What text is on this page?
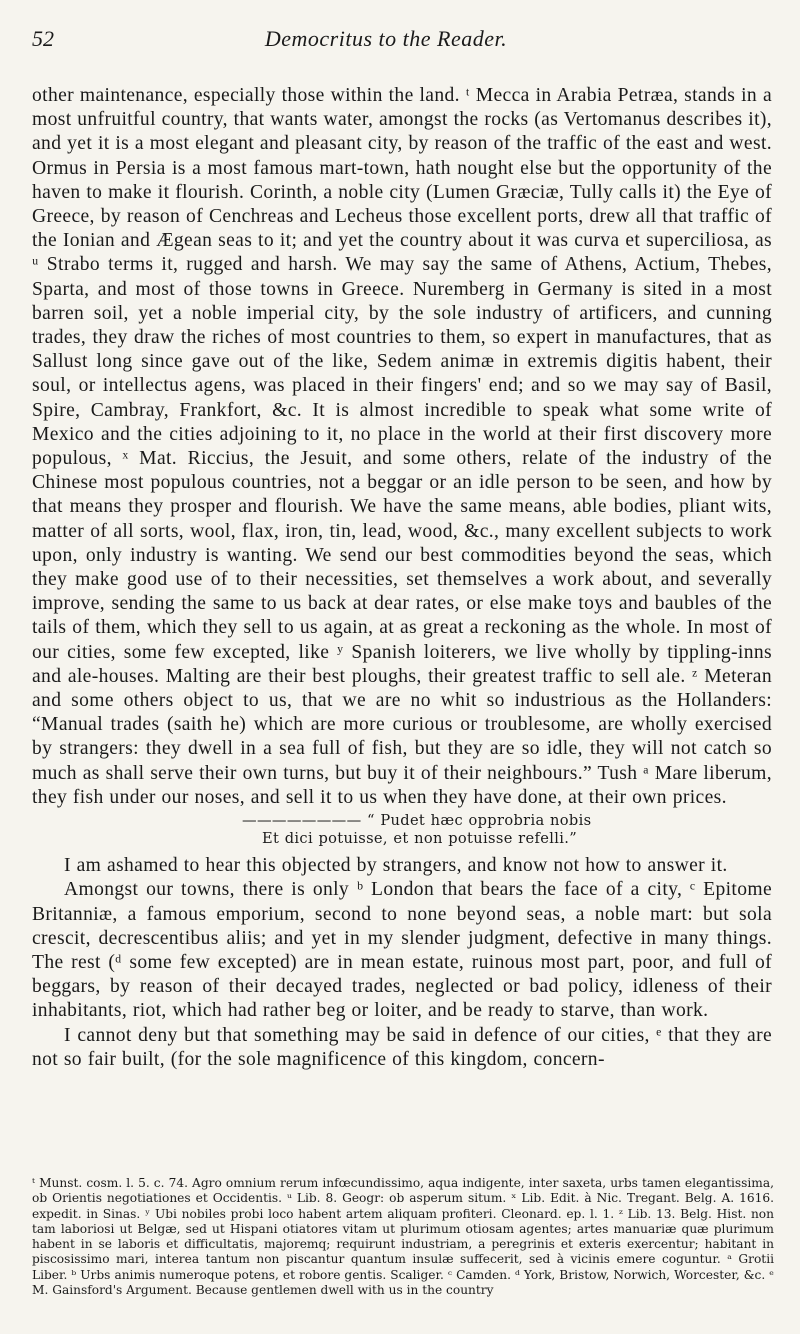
52	Democritus to the Reader.

other maintenance, especially those within the land. ᵗ Mecca in Arabia Petræa, stands in a most unfruitful country, that wants water, amongst the rocks (as Vertomanus describes it), and yet it is a most elegant and pleasant city, by reason of the traffic of the east and west. Ormus in Persia is a most famous mart-town, hath nought else but the opportunity of the haven to make it flourish. Corinth, a noble city (Lumen Græciæ, Tully calls it) the Eye of Greece, by reason of Cenchreas and Lecheus those excellent ports, drew all that traffic of the Ionian and Ægean seas to it; and yet the country about it was curva et superciliosa, as ᵘ Strabo terms it, rugged and harsh. We may say the same of Athens, Actium, Thebes, Sparta, and most of those towns in Greece. Nuremberg in Germany is sited in a most barren soil, yet a noble imperial city, by the sole industry of artificers, and cunning trades, they draw the riches of most countries to them, so expert in manufactures, that as Sallust long since gave out of the like, Sedem animæ in extremis digitis habent, their soul, or intellectus agens, was placed in their fingers' end; and so we may say of Basil, Spire, Cambray, Frankfort, &c. It is almost incredible to speak what some write of Mexico and the cities adjoining to it, no place in the world at their first discovery more populous, ˣ Mat. Riccius, the Jesuit, and some others, relate of the industry of the Chinese most populous countries, not a beggar or an idle person to be seen, and how by that means they prosper and flourish. We have the same means, able bodies, pliant wits, matter of all sorts, wool, flax, iron, tin, lead, wood, &c., many excellent subjects to work upon, only industry is wanting. We send our best commodities beyond the seas, which they make good use of to their necessities, set themselves a work about, and severally improve, sending the same to us back at dear rates, or else make toys and baubles of the tails of them, which they sell to us again, at as great a reckoning as the whole. In most of our cities, some few excepted, like ʸ Spanish loiterers, we live wholly by tippling-inns and ale-houses. Malting are their best ploughs, their greatest traffic to sell ale. ᶻ Meteran and some others object to us, that we are no whit so industrious as the Hollanders: “Manual trades (saith he) which are more curious or troublesome, are wholly exercised by strangers: they dwell in a sea full of fish, but they are so idle, they will not catch so much as shall serve their own turns, but buy it of their neighbours.” Tush ᵃ Mare liberum, they fish under our noses, and sell it to us when they have done, at their own prices.

———————— “ Pudet hæc opprobria nobis
Et dici potuisse, et non potuisse refelli.”

I am ashamed to hear this objected by strangers, and know not how to answer it.

Amongst our towns, there is only ᵇ London that bears the face of a city, ᶜ Epitome Britanniæ, a famous emporium, second to none beyond seas, a noble mart: but sola crescit, decrescentibus aliis; and yet in my slender judgment, defective in many things. The rest (ᵈ some few excepted) are in mean estate, ruinous most part, poor, and full of beggars, by reason of their decayed trades, neglected or bad policy, idleness of their inhabitants, riot, which had rather beg or loiter, and be ready to starve, than work.

I cannot deny but that something may be said in defence of our cities, ᵉ that they are not so fair built, (for the sole magnificence of this kingdom, concern-

ᵗ Munst. cosm. l. 5. c. 74. Agro omnium rerum infœcundissimo, aqua indigente, inter saxeta, urbs tamen elegantissima, ob Orientis negotiationes et Occidentis. ᵘ Lib. 8. Geogr: ob asperum situm. ˣ Lib. Edit. à Nic. Tregant. Belg. A. 1616. expedit. in Sinas. ʸ Ubi nobiles probi loco habent artem aliquam profiteri. Cleonard. ep. l. 1. ᶻ Lib. 13. Belg. Hist. non tam laboriosi ut Belgæ, sed ut Hispani otiatores vitam ut plurimum otiosam agentes; artes manuariæ quæ plurimum habent in se laboris et difficultatis, majoremq; requirunt industriam, a peregrinis et exteris exercentur; habitant in piscosissimo mari, interea tantum non piscantur quantum insulæ suffecerit, sed à vicinis emere coguntur. ᵃ Grotii Liber. ᵇ Urbs animis numeroque potens, et robore gentis. Scaliger. ᶜ Camden. ᵈ York, Bristow, Norwich, Worcester, &c. ᵉ M. Gainsford's Argument. Because gentlemen dwell with us in the country
